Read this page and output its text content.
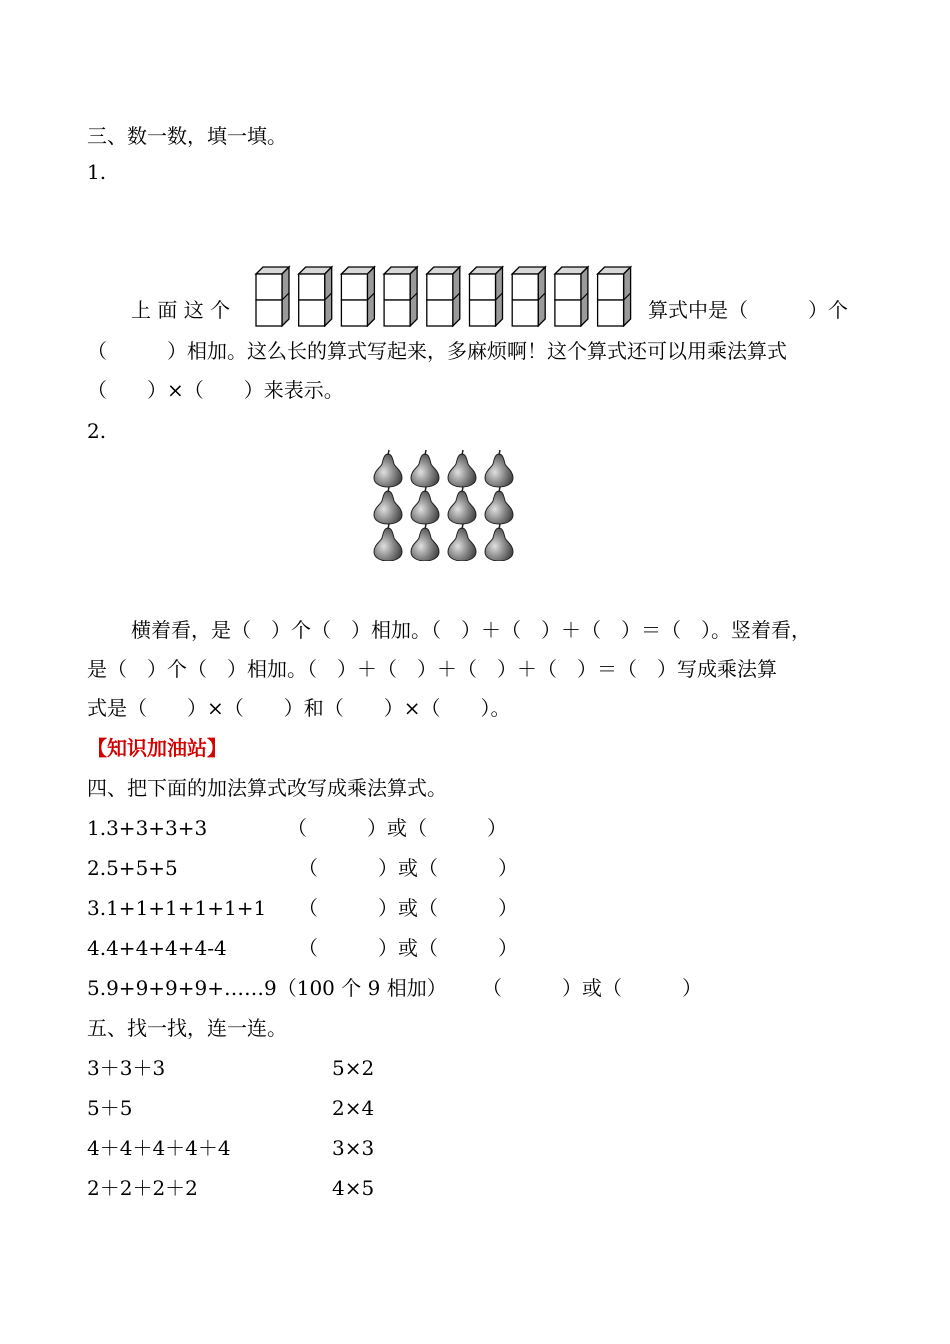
三、数一数，填一填。
1.
上 面 这 个	算式中是（　　　）个
（　　　）相加。这么长的算式写起来，多麻烦啊！这个算式还可以用乘法算式
（　　）×（　　）来表示。
2.
横着看，是（　）个（　）相加。（　）＋（　）＋（　）＝（　）。竖着看，
是（　）个（　）相加。（　）＋（　）＋（　）＋（　）＝（　）写成乘法算
式是（　　）×（　　）和（　　）×（　　）。
【知识加油站】
四、把下面的加法算式改写成乘法算式。
1.3+3+3+3	（　　　）或（　　　）
2.5+5+5	（　　　）或（　　　）
3.1+1+1+1+1+1 （　　　）或（　　　）
4.4+4+4+4-4	（　　　）或（　　　）
5.9+9+9+9+……9（100 个 9 相加） （　　　）或（　　　）
五、找一找，连一连。
3＋3＋3	5×2
5＋5	2×4
4＋4＋4＋4＋4	3×3
2＋2＋2＋2	4×5
